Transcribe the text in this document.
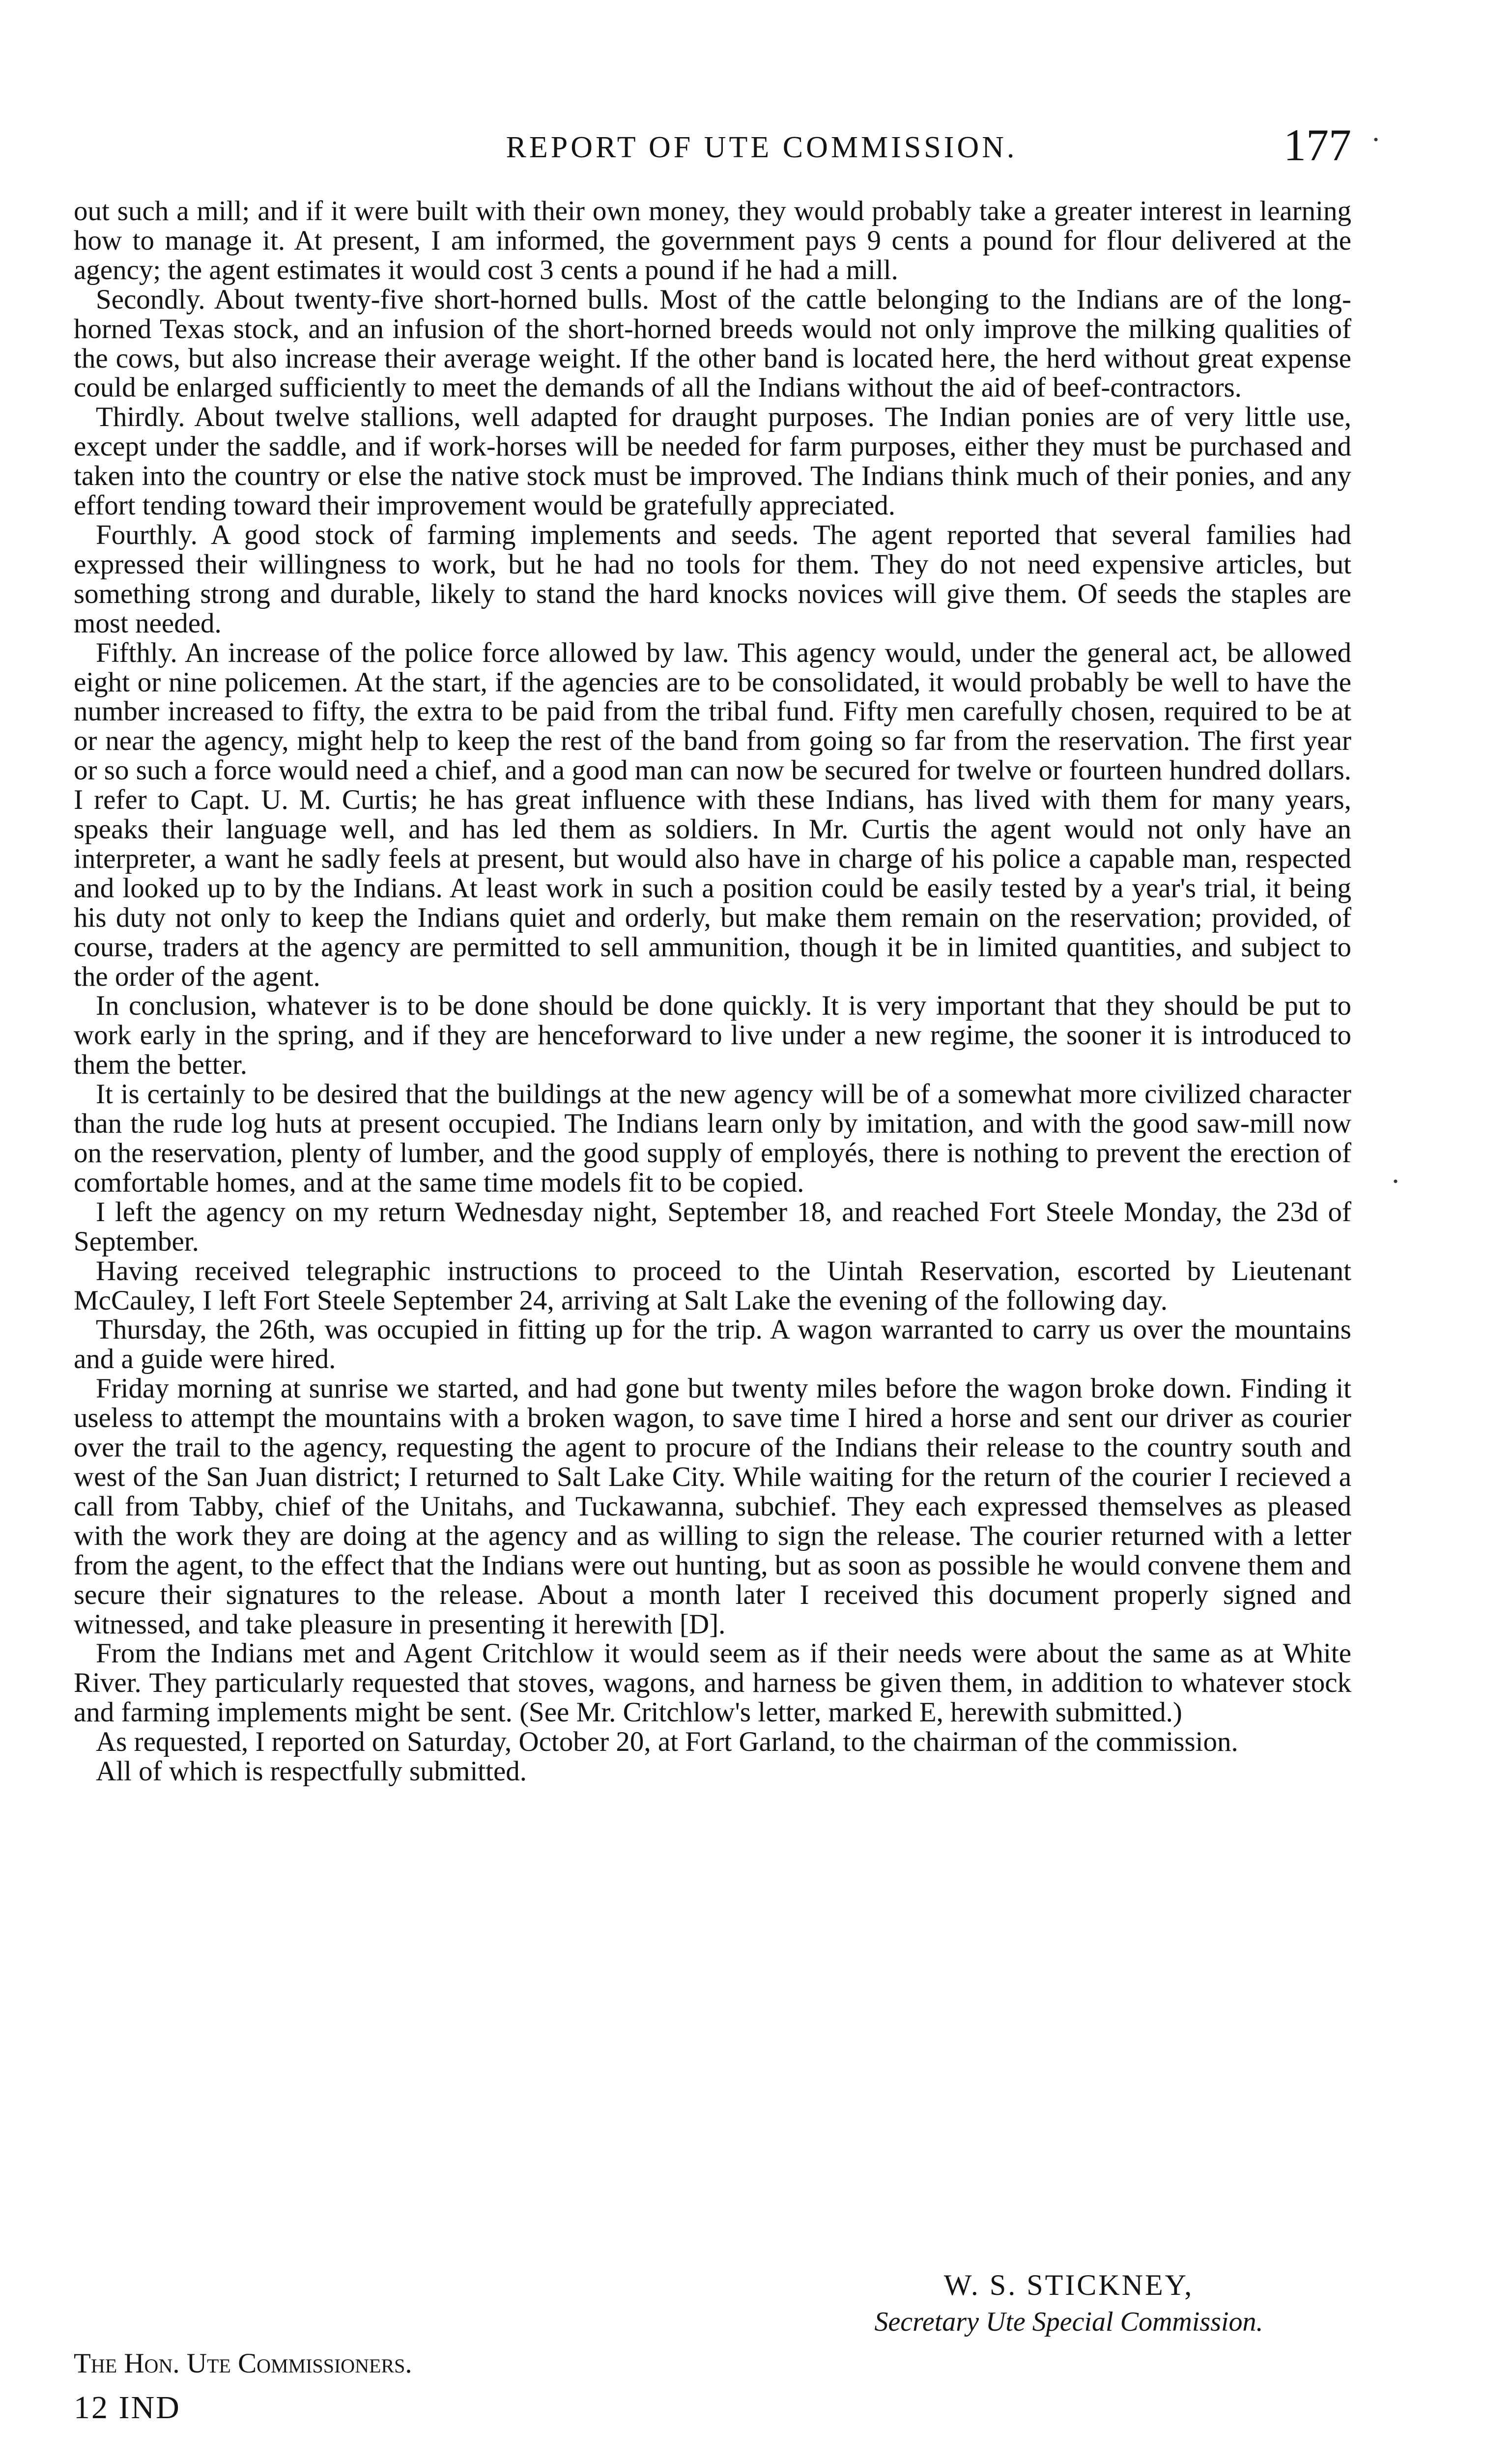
REPORT OF UTE COMMISSION.	177

out such a mill; and if it were built with their own money, they would probably take a greater interest in learning how to manage it. At present, I am informed, the government pays 9 cents a pound for flour delivered at the agency; the agent estimates it would cost 3 cents a pound if he had a mill.

Secondly. About twenty-five short-horned bulls. Most of the cattle belonging to the Indians are of the long-horned Texas stock, and an infusion of the short-horned breeds would not only improve the milking qualities of the cows, but also increase their average weight. If the other band is located here, the herd without great expense could be enlarged sufficiently to meet the demands of all the Indians without the aid of beef-contractors.

Thirdly. About twelve stallions, well adapted for draught purposes. The Indian ponies are of very little use, except under the saddle, and if work-horses will be needed for farm purposes, either they must be purchased and taken into the country or else the native stock must be improved. The Indians think much of their ponies, and any effort tending toward their improvement would be gratefully appreciated.

Fourthly. A good stock of farming implements and seeds. The agent reported that several families had expressed their willingness to work, but he had no tools for them. They do not need expensive articles, but something strong and durable, likely to stand the hard knocks novices will give them. Of seeds the staples are most needed.

Fifthly. An increase of the police force allowed by law. This agency would, under the general act, be allowed eight or nine policemen. At the start, if the agencies are to be consolidated, it would probably be well to have the number increased to fifty, the extra to be paid from the tribal fund. Fifty men carefully chosen, required to be at or near the agency, might help to keep the rest of the band from going so far from the reservation. The first year or so such a force would need a chief, and a good man can now be secured for twelve or fourteen hundred dollars. I refer to Capt. U. M. Curtis; he has great influence with these Indians, has lived with them for many years, speaks their language well, and has led them as soldiers. In Mr. Curtis the agent would not only have an interpreter, a want he sadly feels at present, but would also have in charge of his police a capable man, respected and looked up to by the Indians. At least work in such a position could be easily tested by a year's trial, it being his duty not only to keep the Indians quiet and orderly, but make them remain on the reservation; provided, of course, traders at the agency are permitted to sell ammunition, though it be in limited quantities, and subject to the order of the agent.

In conclusion, whatever is to be done should be done quickly. It is very important that they should be put to work early in the spring, and if they are henceforward to live under a new regime, the sooner it is introduced to them the better.

It is certainly to be desired that the buildings at the new agency will be of a somewhat more civilized character than the rude log huts at present occupied. The Indians learn only by imitation, and with the good saw-mill now on the reservation, plenty of lumber, and the good supply of employés, there is nothing to prevent the erection of comfortable homes, and at the same time models fit to be copied.

I left the agency on my return Wednesday night, September 18, and reached Fort Steele Monday, the 23d of September.

Having received telegraphic instructions to proceed to the Uintah Reservation, escorted by Lieutenant McCauley, I left Fort Steele September 24, arriving at Salt Lake the evening of the following day.

Thursday, the 26th, was occupied in fitting up for the trip. A wagon warranted to carry us over the mountains and a guide were hired.

Friday morning at sunrise we started, and had gone but twenty miles before the wagon broke down. Finding it useless to attempt the mountains with a broken wagon, to save time I hired a horse and sent our driver as courier over the trail to the agency, requesting the agent to procure of the Indians their release to the country south and west of the San Juan district; I returned to Salt Lake City. While waiting for the return of the courier I recieved a call from Tabby, chief of the Unitahs, and Tuckawanna, subchief. They each expressed themselves as pleased with the work they are doing at the agency and as willing to sign the release. The courier returned with a letter from the agent, to the effect that the Indians were out hunting, but as soon as possible he would convene them and secure their signatures to the release. About a month later I received this document properly signed and witnessed, and take pleasure in presenting it herewith [D].

From the Indians met and Agent Critchlow it would seem as if their needs were about the same as at White River. They particularly requested that stoves, wagons, and harness be given them, in addition to whatever stock and farming implements might be sent. (See Mr. Critchlow's letter, marked E, herewith submitted.)

As requested, I reported on Saturday, October 20, at Fort Garland, to the chairman of the commission.

All of which is respectfully submitted.

W. S. STICKNEY,
Secretary Ute Special Commission.
The Hon. Ute Commissioners.
12 IND
·
·
